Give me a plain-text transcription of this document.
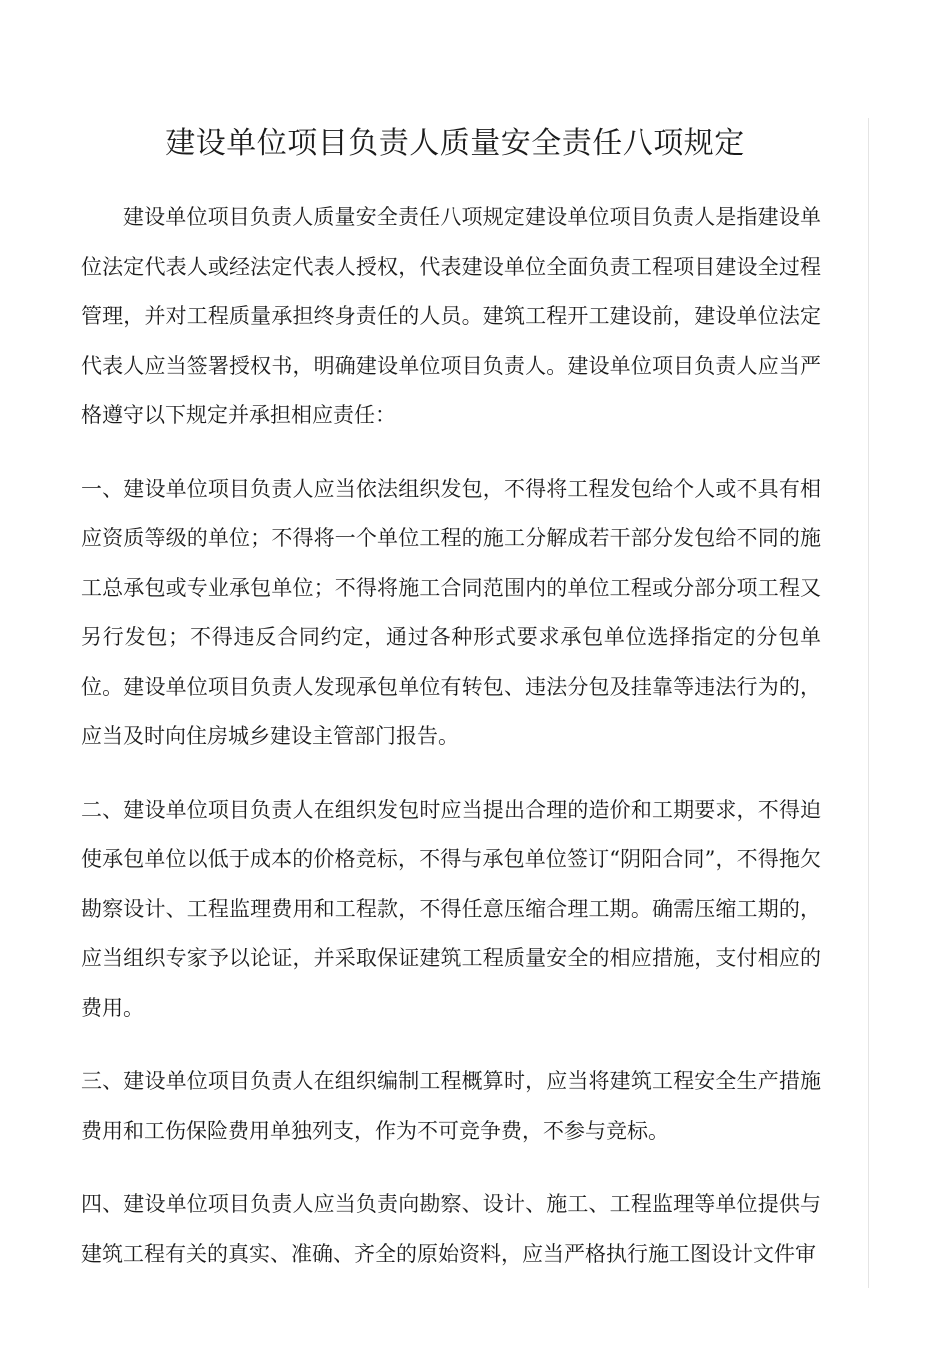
建设单位项目负责人质量安全责任八项规定

建设单位项目负责人质量安全责任八项规定建设单位项目负责人是指建设单位法定代表人或经法定代表人授权，代表建设单位全面负责工程项目建设全过程管理，并对工程质量承担终身责任的人员。建筑工程开工建设前，建设单位法定代表人应当签署授权书，明确建设单位项目负责人。建设单位项目负责人应当严格遵守以下规定并承担相应责任：

一、建设单位项目负责人应当依法组织发包，不得将工程发包给个人或不具有相应资质等级的单位；不得将一个单位工程的施工分解成若干部分发包给不同的施工总承包或专业承包单位；不得将施工合同范围内的单位工程或分部分项工程又另行发包；不得违反合同约定，通过各种形式要求承包单位选择指定的分包单位。建设单位项目负责人发现承包单位有转包、违法分包及挂靠等违法行为的，应当及时向住房城乡建设主管部门报告。

二、建设单位项目负责人在组织发包时应当提出合理的造价和工期要求，不得迫使承包单位以低于成本的价格竞标，不得与承包单位签订“阴阳合同”，不得拖欠勘察设计、工程监理费用和工程款，不得任意压缩合理工期。确需压缩工期的，应当组织专家予以论证，并采取保证建筑工程质量安全的相应措施，支付相应的费用。

三、建设单位项目负责人在组织编制工程概算时，应当将建筑工程安全生产措施费用和工伤保险费用单独列支，作为不可竞争费，不参与竞标。

四、建设单位项目负责人应当负责向勘察、设计、施工、工程监理等单位提供与建筑工程有关的真实、准确、齐全的原始资料，应当严格执行施工图设计文件审
